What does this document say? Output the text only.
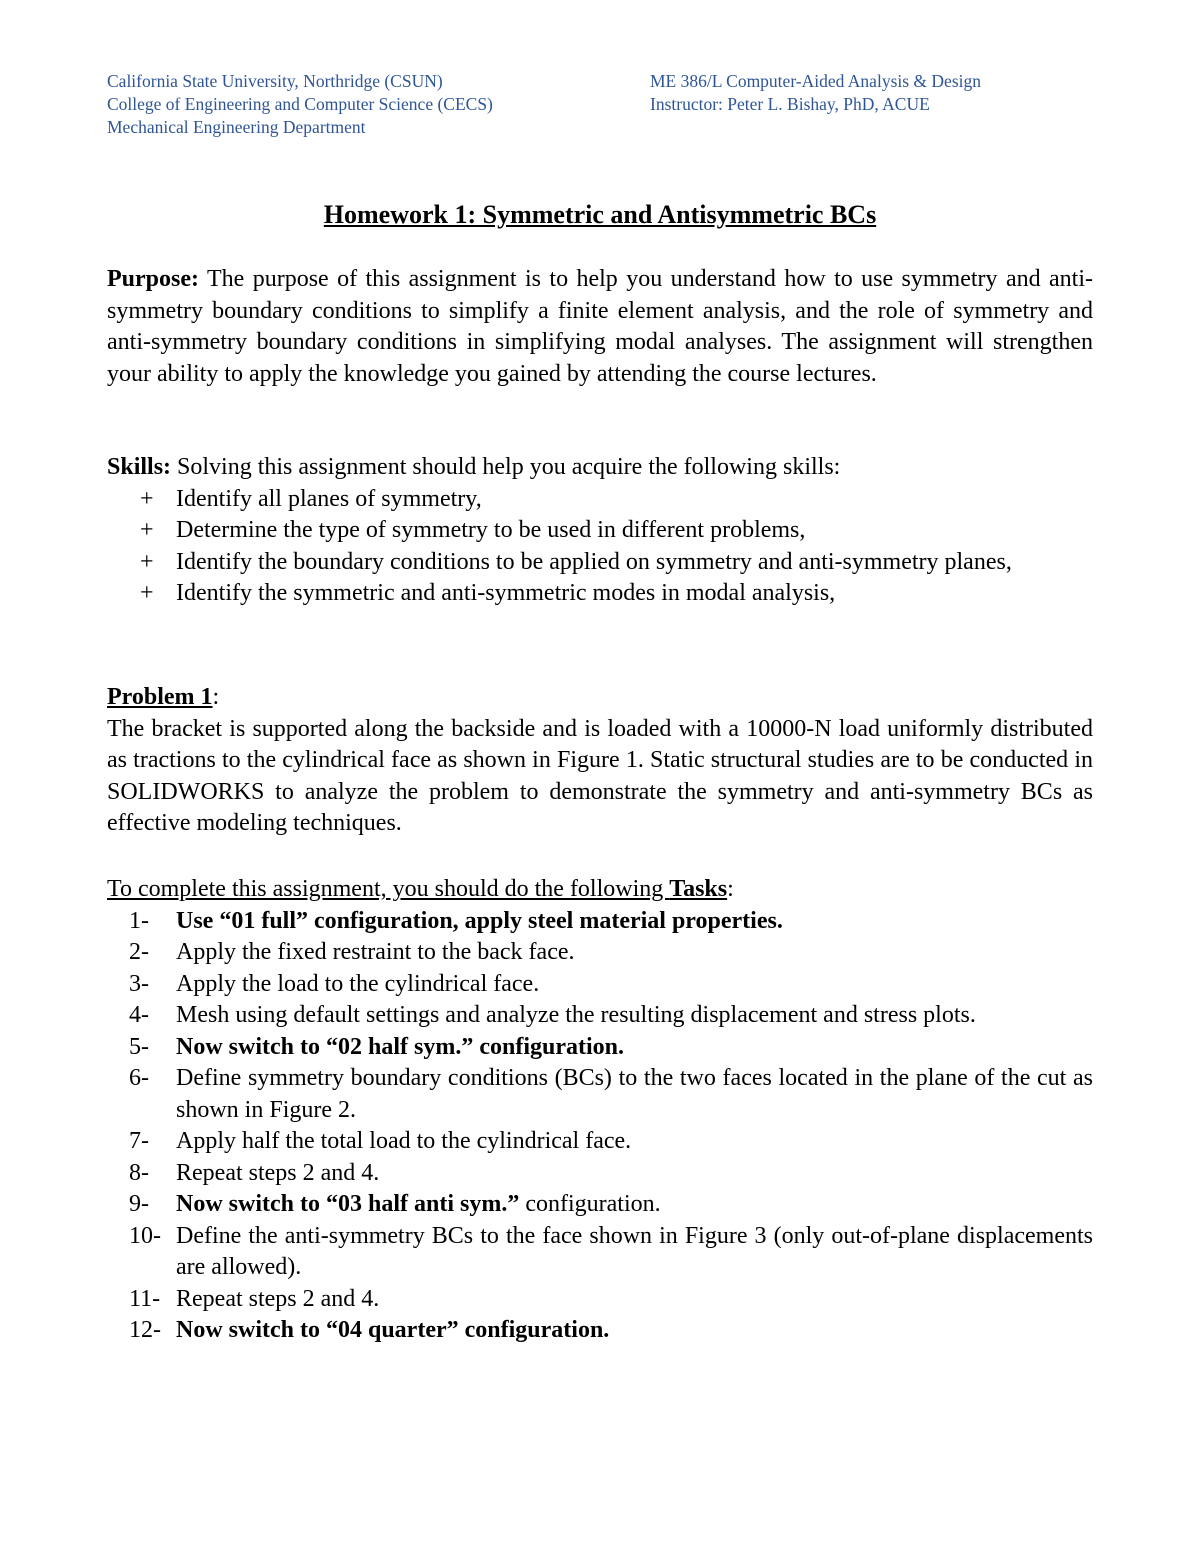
California State University, Northridge (CSUN)
College of Engineering and Computer Science (CECS)
Mechanical Engineering Department
ME 386/L Computer-Aided Analysis & Design
Instructor: Peter L. Bishay, PhD, ACUE
Homework 1: Symmetric and Antisymmetric BCs
Purpose: The purpose of this assignment is to help you understand how to use symmetry and anti-symmetry boundary conditions to simplify a finite element analysis, and the role of symmetry and anti-symmetry boundary conditions in simplifying modal analyses. The assignment will strengthen your ability to apply the knowledge you gained by attending the course lectures.
Skills: Solving this assignment should help you acquire the following skills:
+ Identify all planes of symmetry,
+ Determine the type of symmetry to be used in different problems,
+ Identify the boundary conditions to be applied on symmetry and anti-symmetry planes,
+ Identify the symmetric and anti-symmetric modes in modal analysis,
Problem 1:
The bracket is supported along the backside and is loaded with a 10000-N load uniformly distributed as tractions to the cylindrical face as shown in Figure 1. Static structural studies are to be conducted in SOLIDWORKS to analyze the problem to demonstrate the symmetry and anti-symmetry BCs as effective modeling techniques.
To complete this assignment, you should do the following Tasks:
1- Use “01 full” configuration, apply steel material properties.
2- Apply the fixed restraint to the back face.
3- Apply the load to the cylindrical face.
4- Mesh using default settings and analyze the resulting displacement and stress plots.
5- Now switch to “02 half sym.” configuration.
6- Define symmetry boundary conditions (BCs) to the two faces located in the plane of the cut as shown in Figure 2.
7- Apply half the total load to the cylindrical face.
8- Repeat steps 2 and 4.
9- Now switch to “03 half anti sym.” configuration.
10- Define the anti-symmetry BCs to the face shown in Figure 3 (only out-of-plane displacements are allowed).
11- Repeat steps 2 and 4.
12- Now switch to “04 quarter” configuration.
